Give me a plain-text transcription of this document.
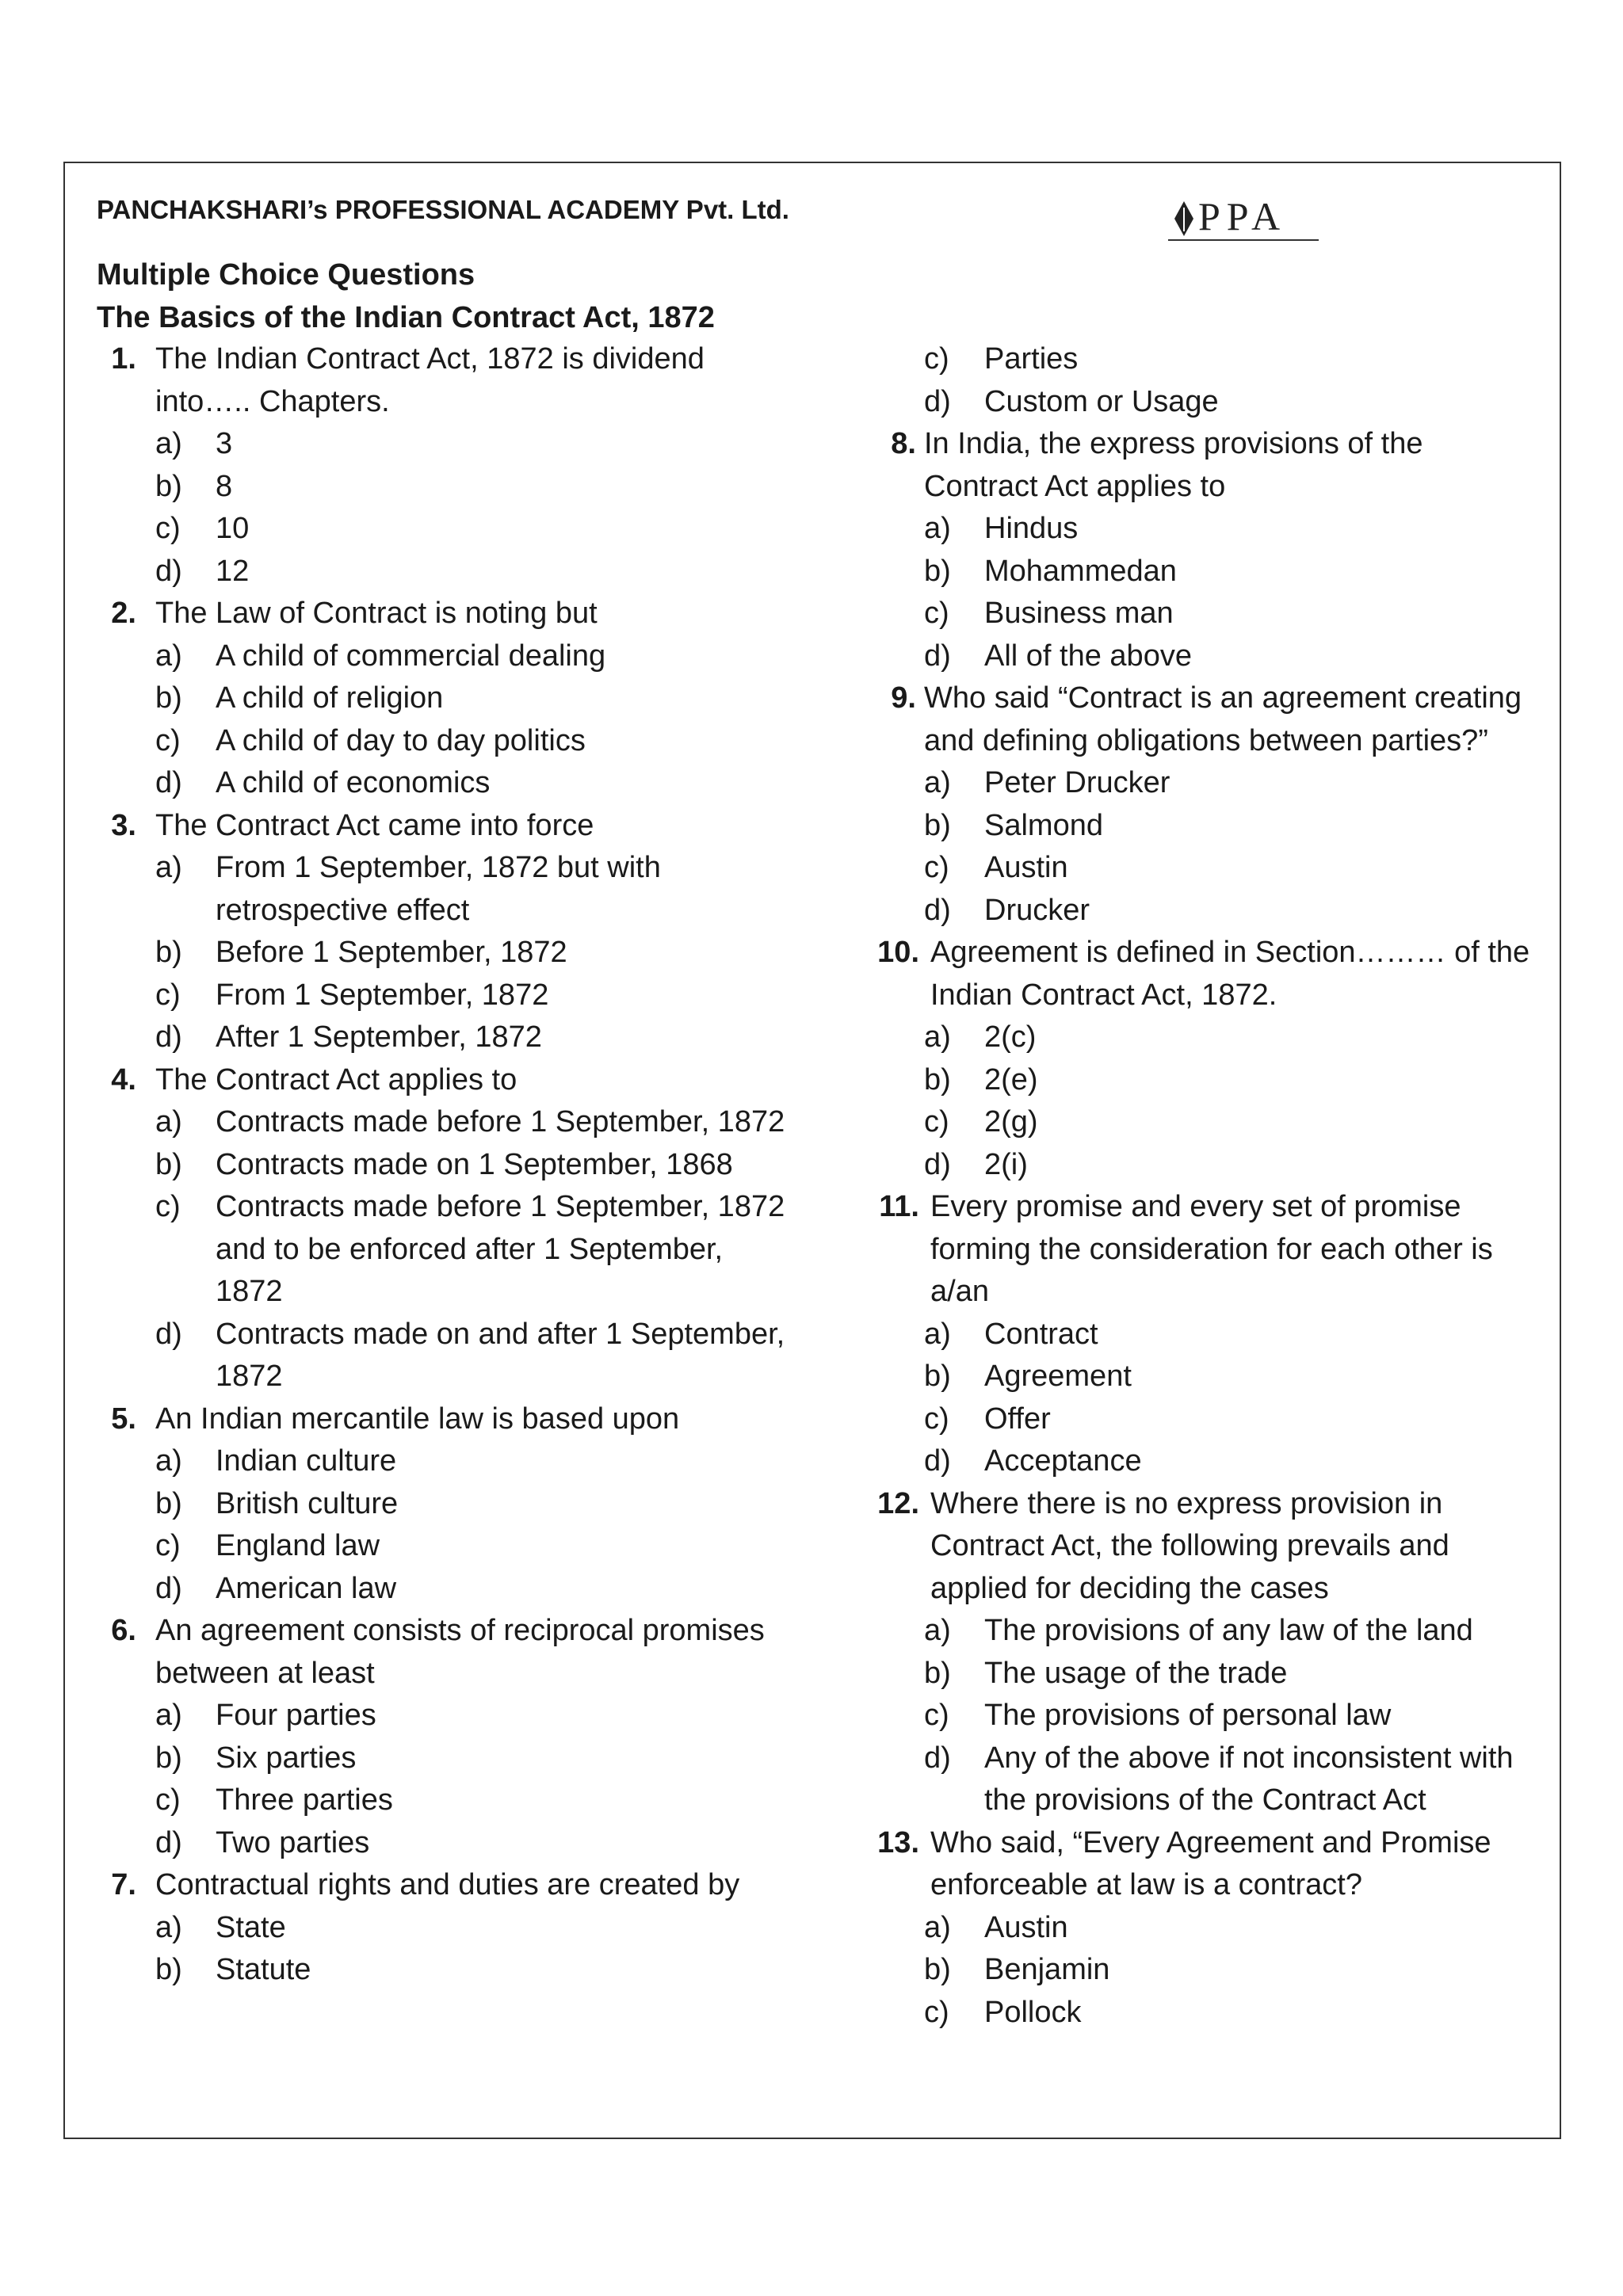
PANCHAKSHARI’s PROFESSIONAL ACADEMY Pvt. Ltd.	PPA
Multiple Choice Questions
The Basics of the Indian Contract Act, 1872
1. The Indian Contract Act, 1872 is dividend into….. Chapters.
a)	3
b)	8
c)	10
d)	12
2. The Law of Contract is noting but
a)	A child of commercial dealing
b)	A child of religion
c)	A child of day to day politics
d)	A child of economics
3. The Contract Act came into force
a)	From 1 September, 1872 but with retrospective effect
b)	Before 1 September, 1872
c)	From 1 September, 1872
d)	After 1 September, 1872
4. The Contract Act applies to
a)	Contracts made before 1 September, 1872
b)	Contracts made on 1 September, 1868
c)	Contracts made before 1 September, 1872 and to be enforced after 1 September, 1872
d)	Contracts made on and after 1 September, 1872
5. An Indian mercantile law is based upon
a)	Indian culture
b)	British culture
c)	England law
d)	American law
6. An agreement consists of reciprocal promises between at least
a)	Four parties
b)	Six parties
c)	Three parties
d)	Two parties
7. Contractual rights and duties are created by
a)	State
b)	Statute
c)	Parties
d)	Custom or Usage
8. In India, the express provisions of the Contract Act applies to
a)	Hindus
b)	Mohammedan
c)	Business man
d)	All of the above
9. Who said “Contract is an agreement creating and defining obligations between parties?”
a)	Peter Drucker
b)	Salmond
c)	Austin
d)	Drucker
10. Agreement is defined in Section……… of the Indian Contract Act, 1872.
a)	2(c)
b)	2(e)
c)	2(g)
d)	2(i)
11. Every promise and every set of promise forming the consideration for each other is a/an
a)	Contract
b)	Agreement
c)	Offer
d)	Acceptance
12. Where there is no express provision in Contract Act, the following prevails and applied for deciding the cases
a)	The provisions of any law of the land
b)	The usage of the trade
c)	The provisions of personal law
d)	Any of the above if not inconsistent with the provisions of the Contract Act
13. Who said, “Every Agreement and Promise enforceable at law is a contract?
a)	Austin
b)	Benjamin
c)	Pollock
